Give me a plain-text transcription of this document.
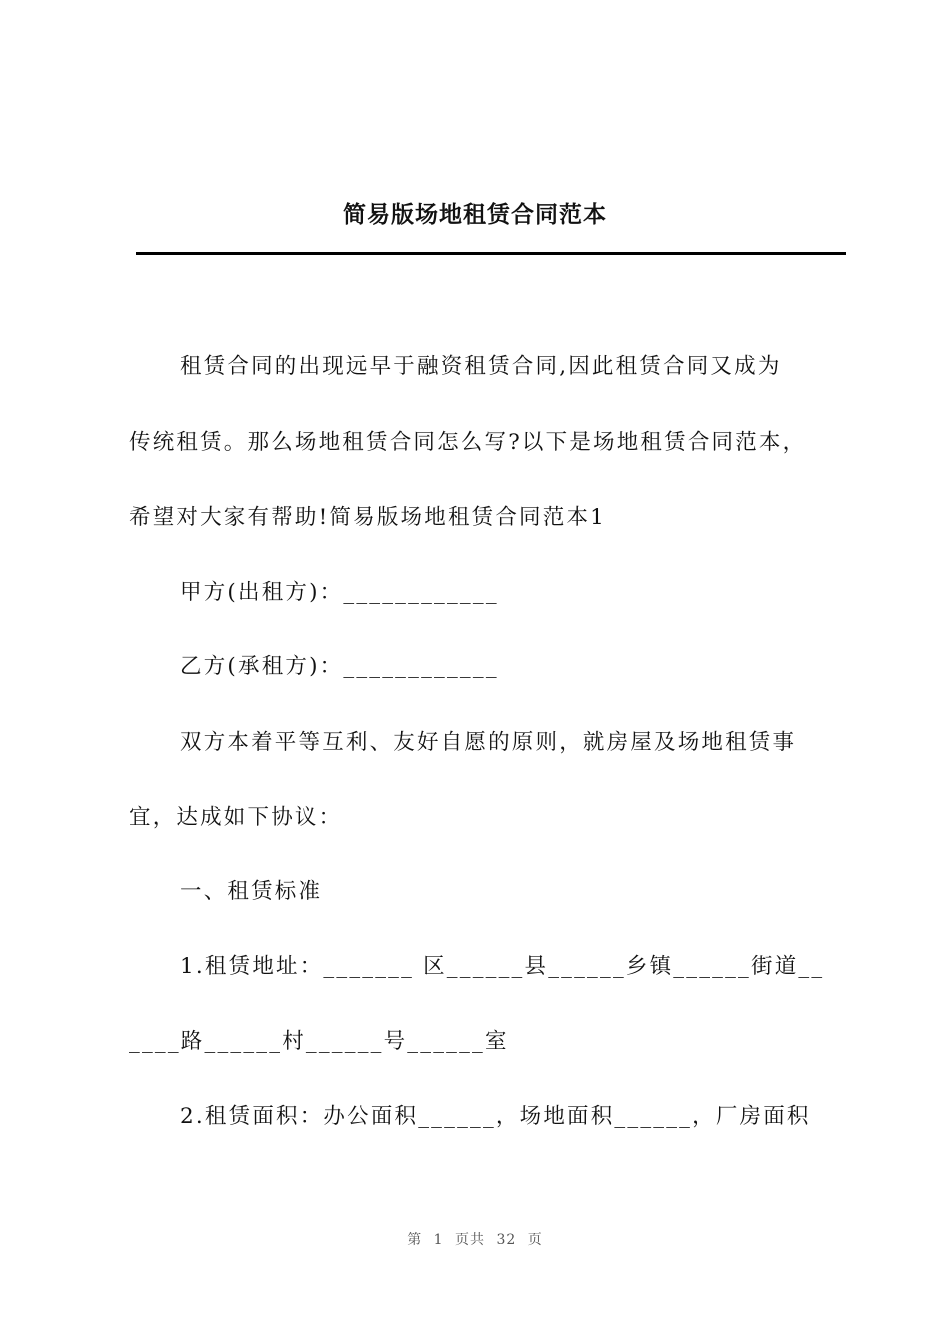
简易版场地租赁合同范本

租赁合同的出现远早于融资租赁合同,因此租赁合同又成为

传统租赁。那么场地租赁合同怎么写?以下是场地租赁合同范本，

希望对大家有帮助!简易版场地租赁合同范本1

甲方(出租方)：____________

乙方(承租方)：____________

双方本着平等互利、友好自愿的原则，就房屋及场地租赁事

宜，达成如下协议：

一、租赁标准

1.租赁地址：_______ 区______县______乡镇______街道__

____路______村______号______室

2.租赁面积：办公面积______，场地面积______，厂房面积

第 1 页共 32 页
